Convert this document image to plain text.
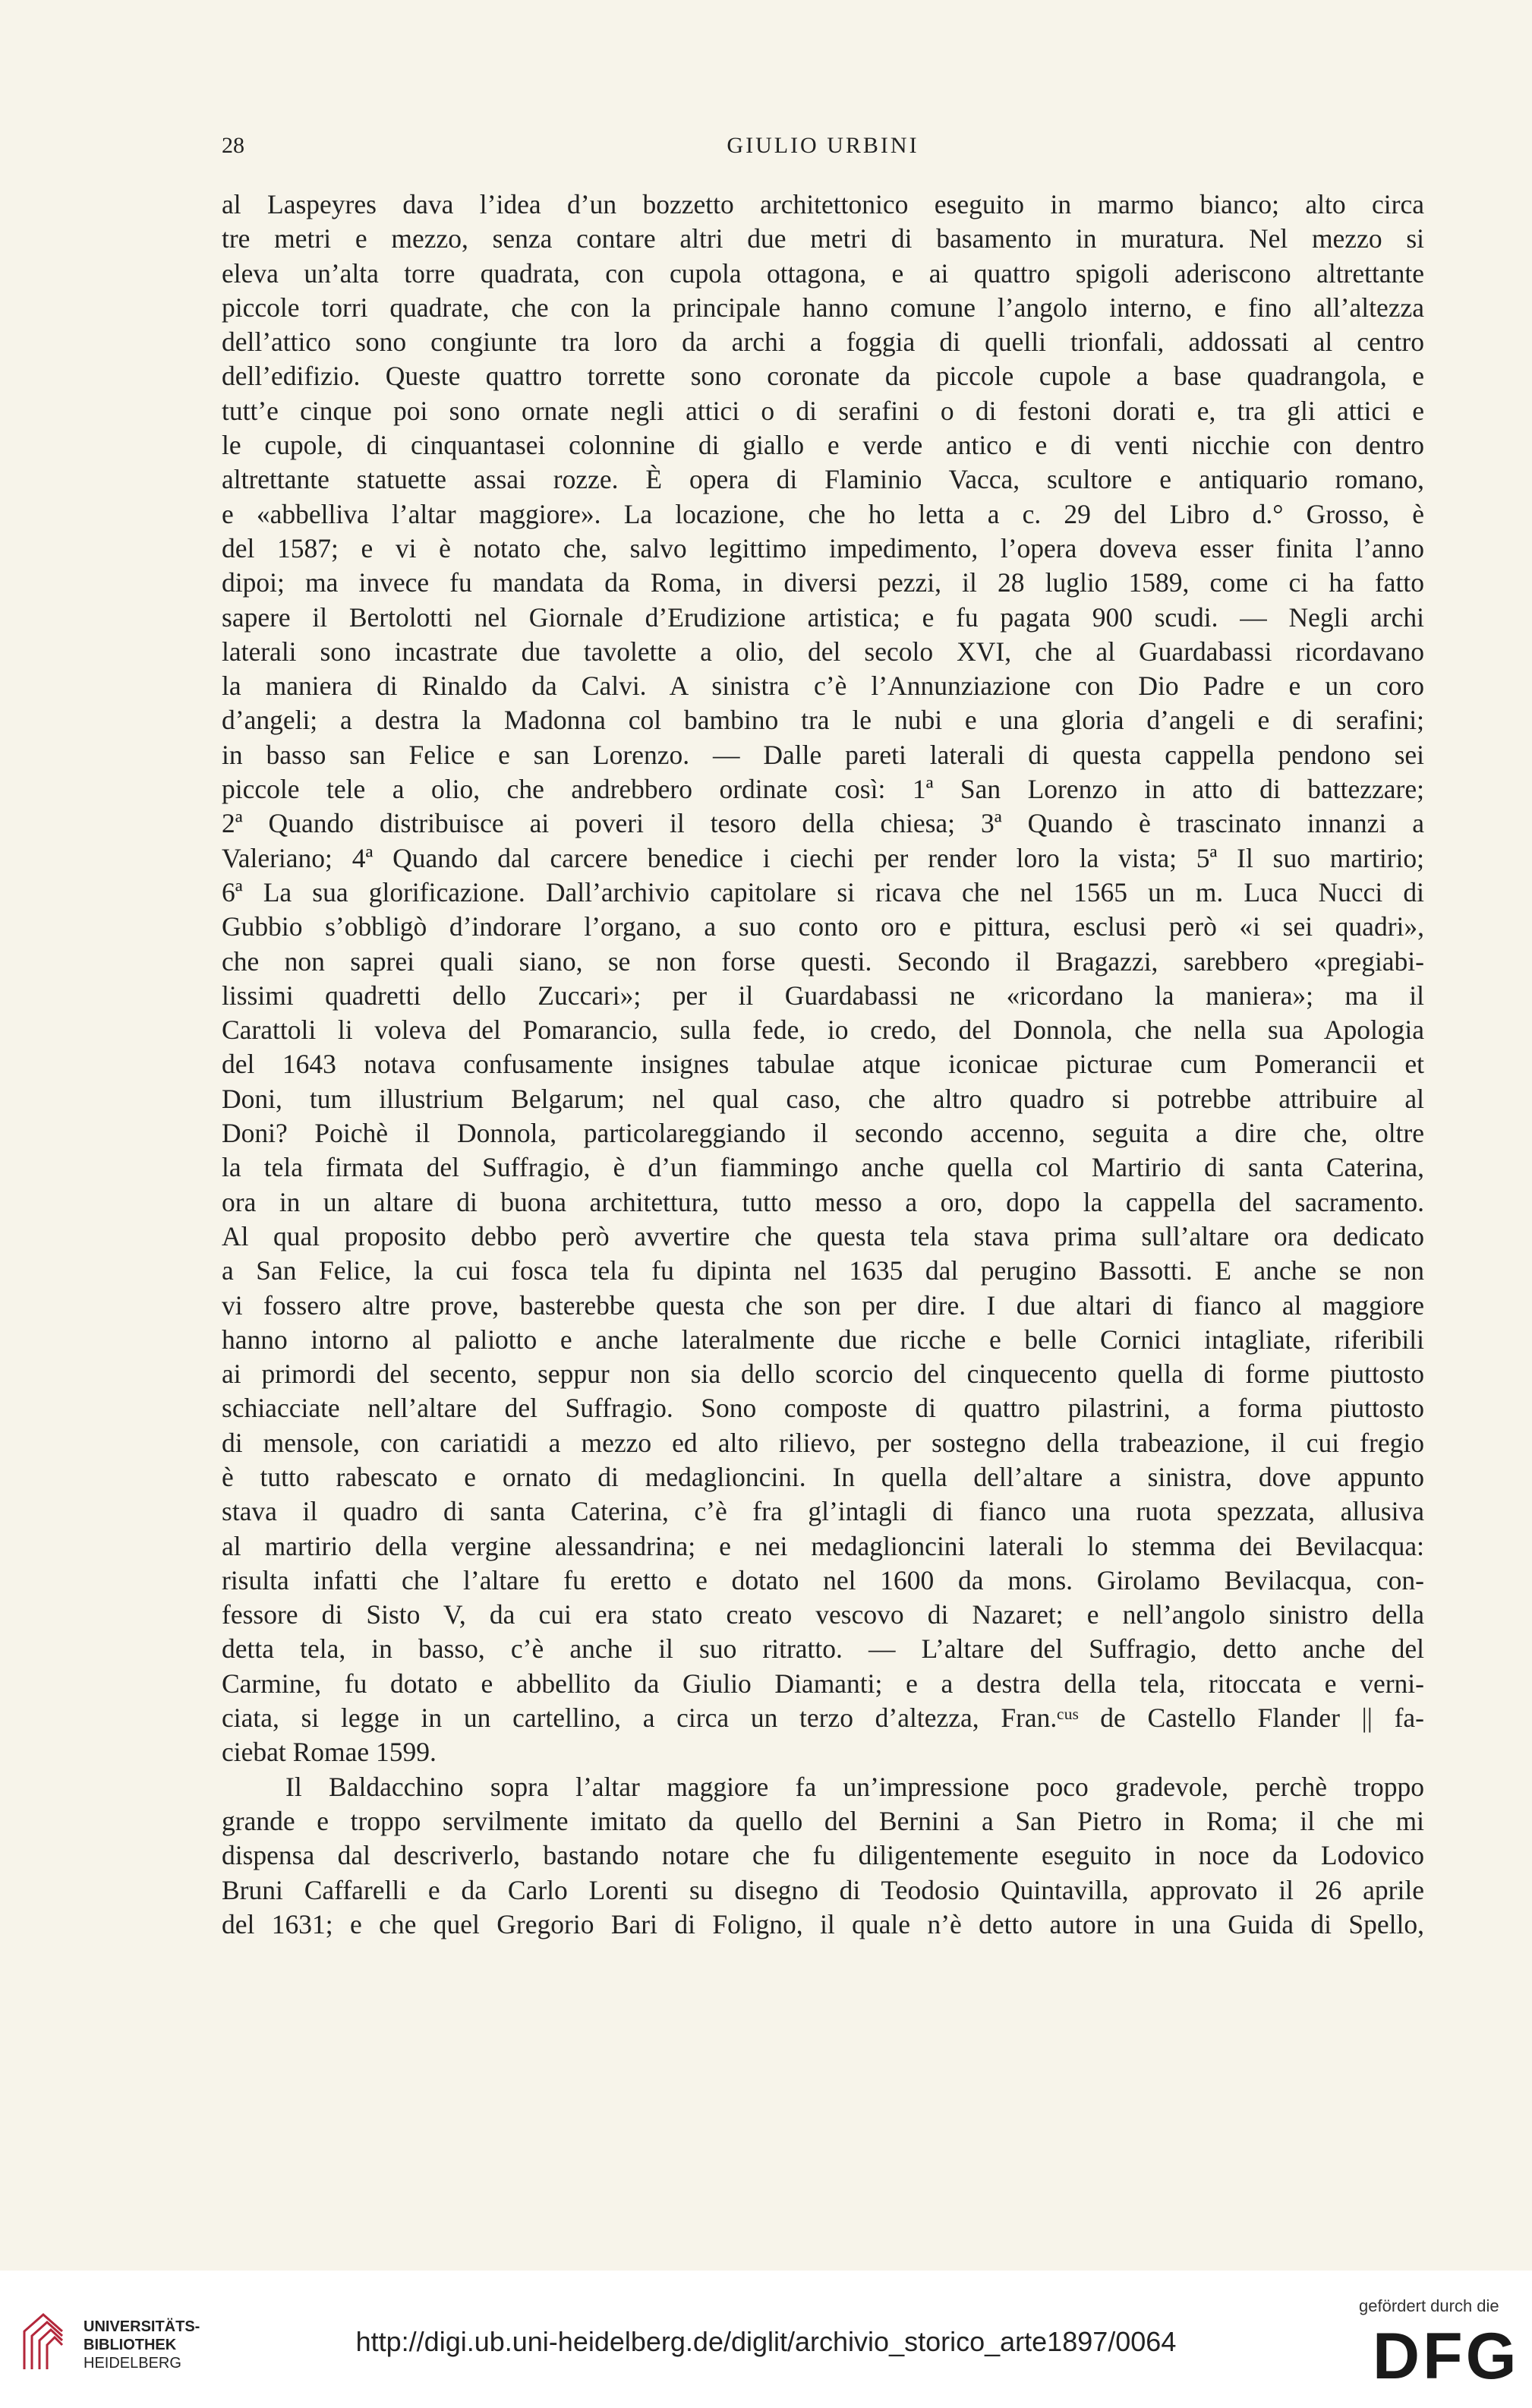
28	GIULIO URBINI
al Laspeyres dava l’idea d’un bozzetto architettonico eseguito in marmo bianco; alto circa
tre metri e mezzo, senza contare altri due metri di basamento in muratura. Nel mezzo si
eleva un’alta torre quadrata, con cupola ottagona, e ai quattro spigoli aderiscono altrettante
piccole torri quadrate, che con la principale hanno comune l’angolo interno, e fino all’altezza
dell’attico sono congiunte tra loro da archi a foggia di quelli trionfali, addossati al centro
dell’edifizio. Queste quattro torrette sono coronate da piccole cupole a base quadrangola, e
tutt’e cinque poi sono ornate negli attici o di serafini o di festoni dorati e, tra gli attici e
le cupole, di cinquantasei colonnine di giallo e verde antico e di venti nicchie con dentro
altrettante statuette assai rozze. È opera di Flaminio Vacca, scultore e antiquario romano,
e «abbelliva l’altar maggiore». La locazione, che ho letta a c. 29 del Libro d.° Grosso, è
del 1587; e vi è notato che, salvo legittimo impedimento, l’opera doveva esser finita l’anno
dipoi; ma invece fu mandata da Roma, in diversi pezzi, il 28 luglio 1589, come ci ha fatto
sapere il Bertolotti nel Giornale d’Erudizione artistica; e fu pagata 900 scudi. — Negli archi
laterali sono incastrate due tavolette a olio, del secolo XVI, che al Guardabassi ricordavano
la maniera di Rinaldo da Calvi. A sinistra c’è l’Annunziazione con Dio Padre e un coro
d’angeli; a destra la Madonna col bambino tra le nubi e una gloria d’angeli e di serafini;
in basso san Felice e san Lorenzo. — Dalle pareti laterali di questa cappella pendono sei
piccole tele a olio, che andrebbero ordinate così: 1ª San Lorenzo in atto di battezzare;
2ª Quando distribuisce ai poveri il tesoro della chiesa; 3ª Quando è trascinato innanzi a
Valeriano; 4ª Quando dal carcere benedice i ciechi per render loro la vista; 5ª Il suo martirio;
6ª La sua glorificazione. Dall’archivio capitolare si ricava che nel 1565 un m. Luca Nucci di
Gubbio s’obbligò d’indorare l’organo, a suo conto oro e pittura, esclusi però «i sei quadri»,
che non saprei quali siano, se non forse questi. Secondo il Bragazzi, sarebbero «pregiabi-
lissimi quadretti dello Zuccari»; per il Guardabassi ne «ricordano la maniera»; ma il
Carattoli li voleva del Pomarancio, sulla fede, io credo, del Donnola, che nella sua Apologia
del 1643 notava confusamente insignes tabulae atque iconicae picturae cum Pomerancii et
Doni, tum illustrium Belgarum; nel qual caso, che altro quadro si potrebbe attribuire al
Doni? Poichè il Donnola, particolareggiando il secondo accenno, seguita a dire che, oltre
la tela firmata del Suffragio, è d’un fiammingo anche quella col Martirio di santa Caterina,
ora in un altare di buona architettura, tutto messo a oro, dopo la cappella del sacramento.
Al qual proposito debbo però avvertire che questa tela stava prima sull’altare ora dedicato
a San Felice, la cui fosca tela fu dipinta nel 1635 dal perugino Bassotti. E anche se non
vi fossero altre prove, basterebbe questa che son per dire. I due altari di fianco al maggiore
hanno intorno al paliotto e anche lateralmente due ricche e belle Cornici intagliate, riferibili
ai primordi del secento, seppur non sia dello scorcio del cinquecento quella di forme piuttosto
schiacciate nell’altare del Suffragio. Sono composte di quattro pilastrini, a forma piuttosto
di mensole, con cariatidi a mezzo ed alto rilievo, per sostegno della trabeazione, il cui fregio
è tutto rabescato e ornato di medaglioncini. In quella dell’altare a sinistra, dove appunto
stava il quadro di santa Caterina, c’è fra gl’intagli di fianco una ruota spezzata, allusiva
al martirio della vergine alessandrina; e nei medaglioncini laterali lo stemma dei Bevilacqua:
risulta infatti che l’altare fu eretto e dotato nel 1600 da mons. Girolamo Bevilacqua, con-
fessore di Sisto V, da cui era stato creato vescovo di Nazaret; e nell’angolo sinistro della
detta tela, in basso, c’è anche il suo ritratto. — L’altare del Suffragio, detto anche del
Carmine, fu dotato e abbellito da Giulio Diamanti; e a destra della tela, ritoccata e verni-
ciata, si legge in un cartellino, a circa un terzo d’altezza, Fran.ᶜᵘˢ de Castello Flander || fa-
ciebat Romae 1599.
Il Baldacchino sopra l’altar maggiore fa un’impressione poco gradevole, perchè troppo
grande e troppo servilmente imitato da quello del Bernini a San Pietro in Roma; il che mi
dispensa dal descriverlo, bastando notare che fu diligentemente eseguito in noce da Lodovico
Bruni Caffarelli e da Carlo Lorenti su disegno di Teodosio Quintavilla, approvato il 26 aprile
del 1631; e che quel Gregorio Bari di Foligno, il quale n’è detto autore in una Guida di Spello,
UNIVERSITÄTS-
BIBLIOTHEK
HEIDELBERG
http://digi.ub.uni-heidelberg.de/diglit/archivio_storico_arte1897/0064
gefördert durch die
DFG
